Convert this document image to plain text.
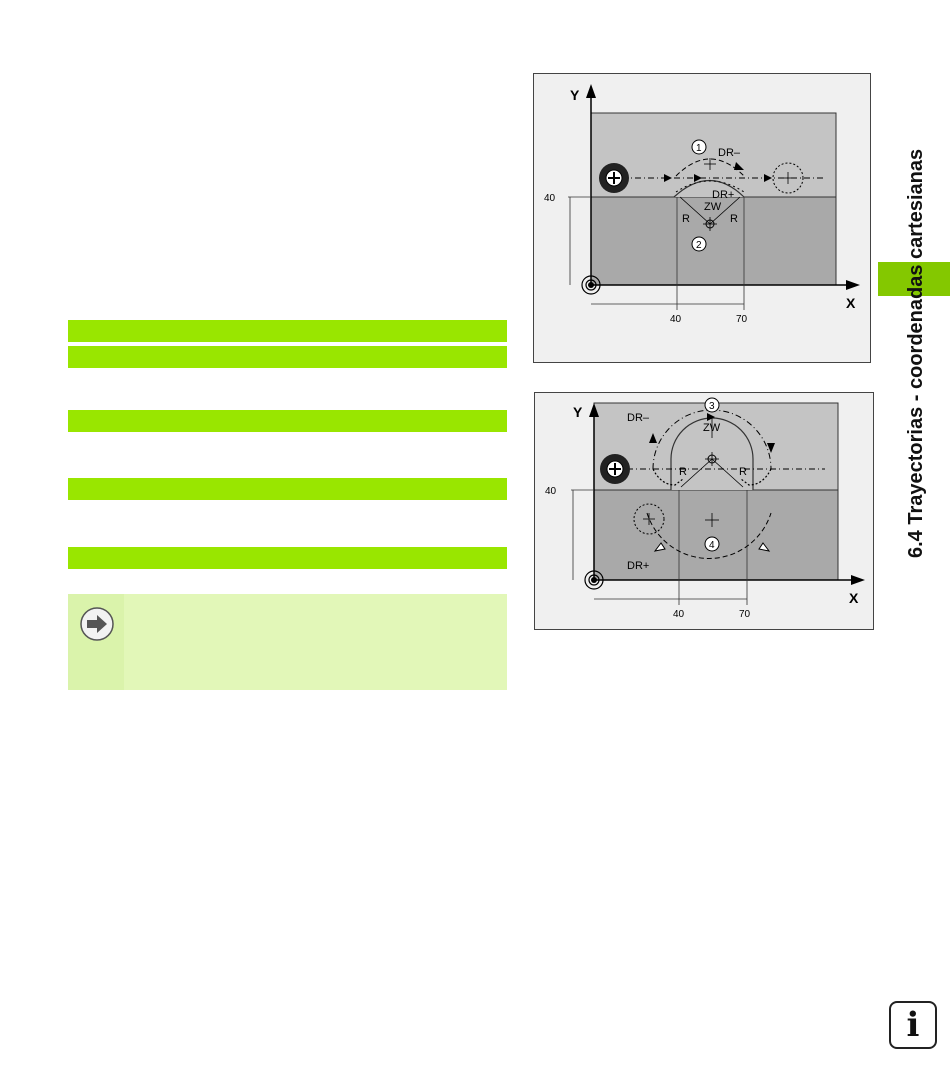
Y
X
40
40	70
1
2
DR–
DR+
ZW
R	R
Y
X
40
40	70
3
4
DR–
DR+
ZW
R	R	6.4 Trayectorias - coordenadas cartesianas
i
